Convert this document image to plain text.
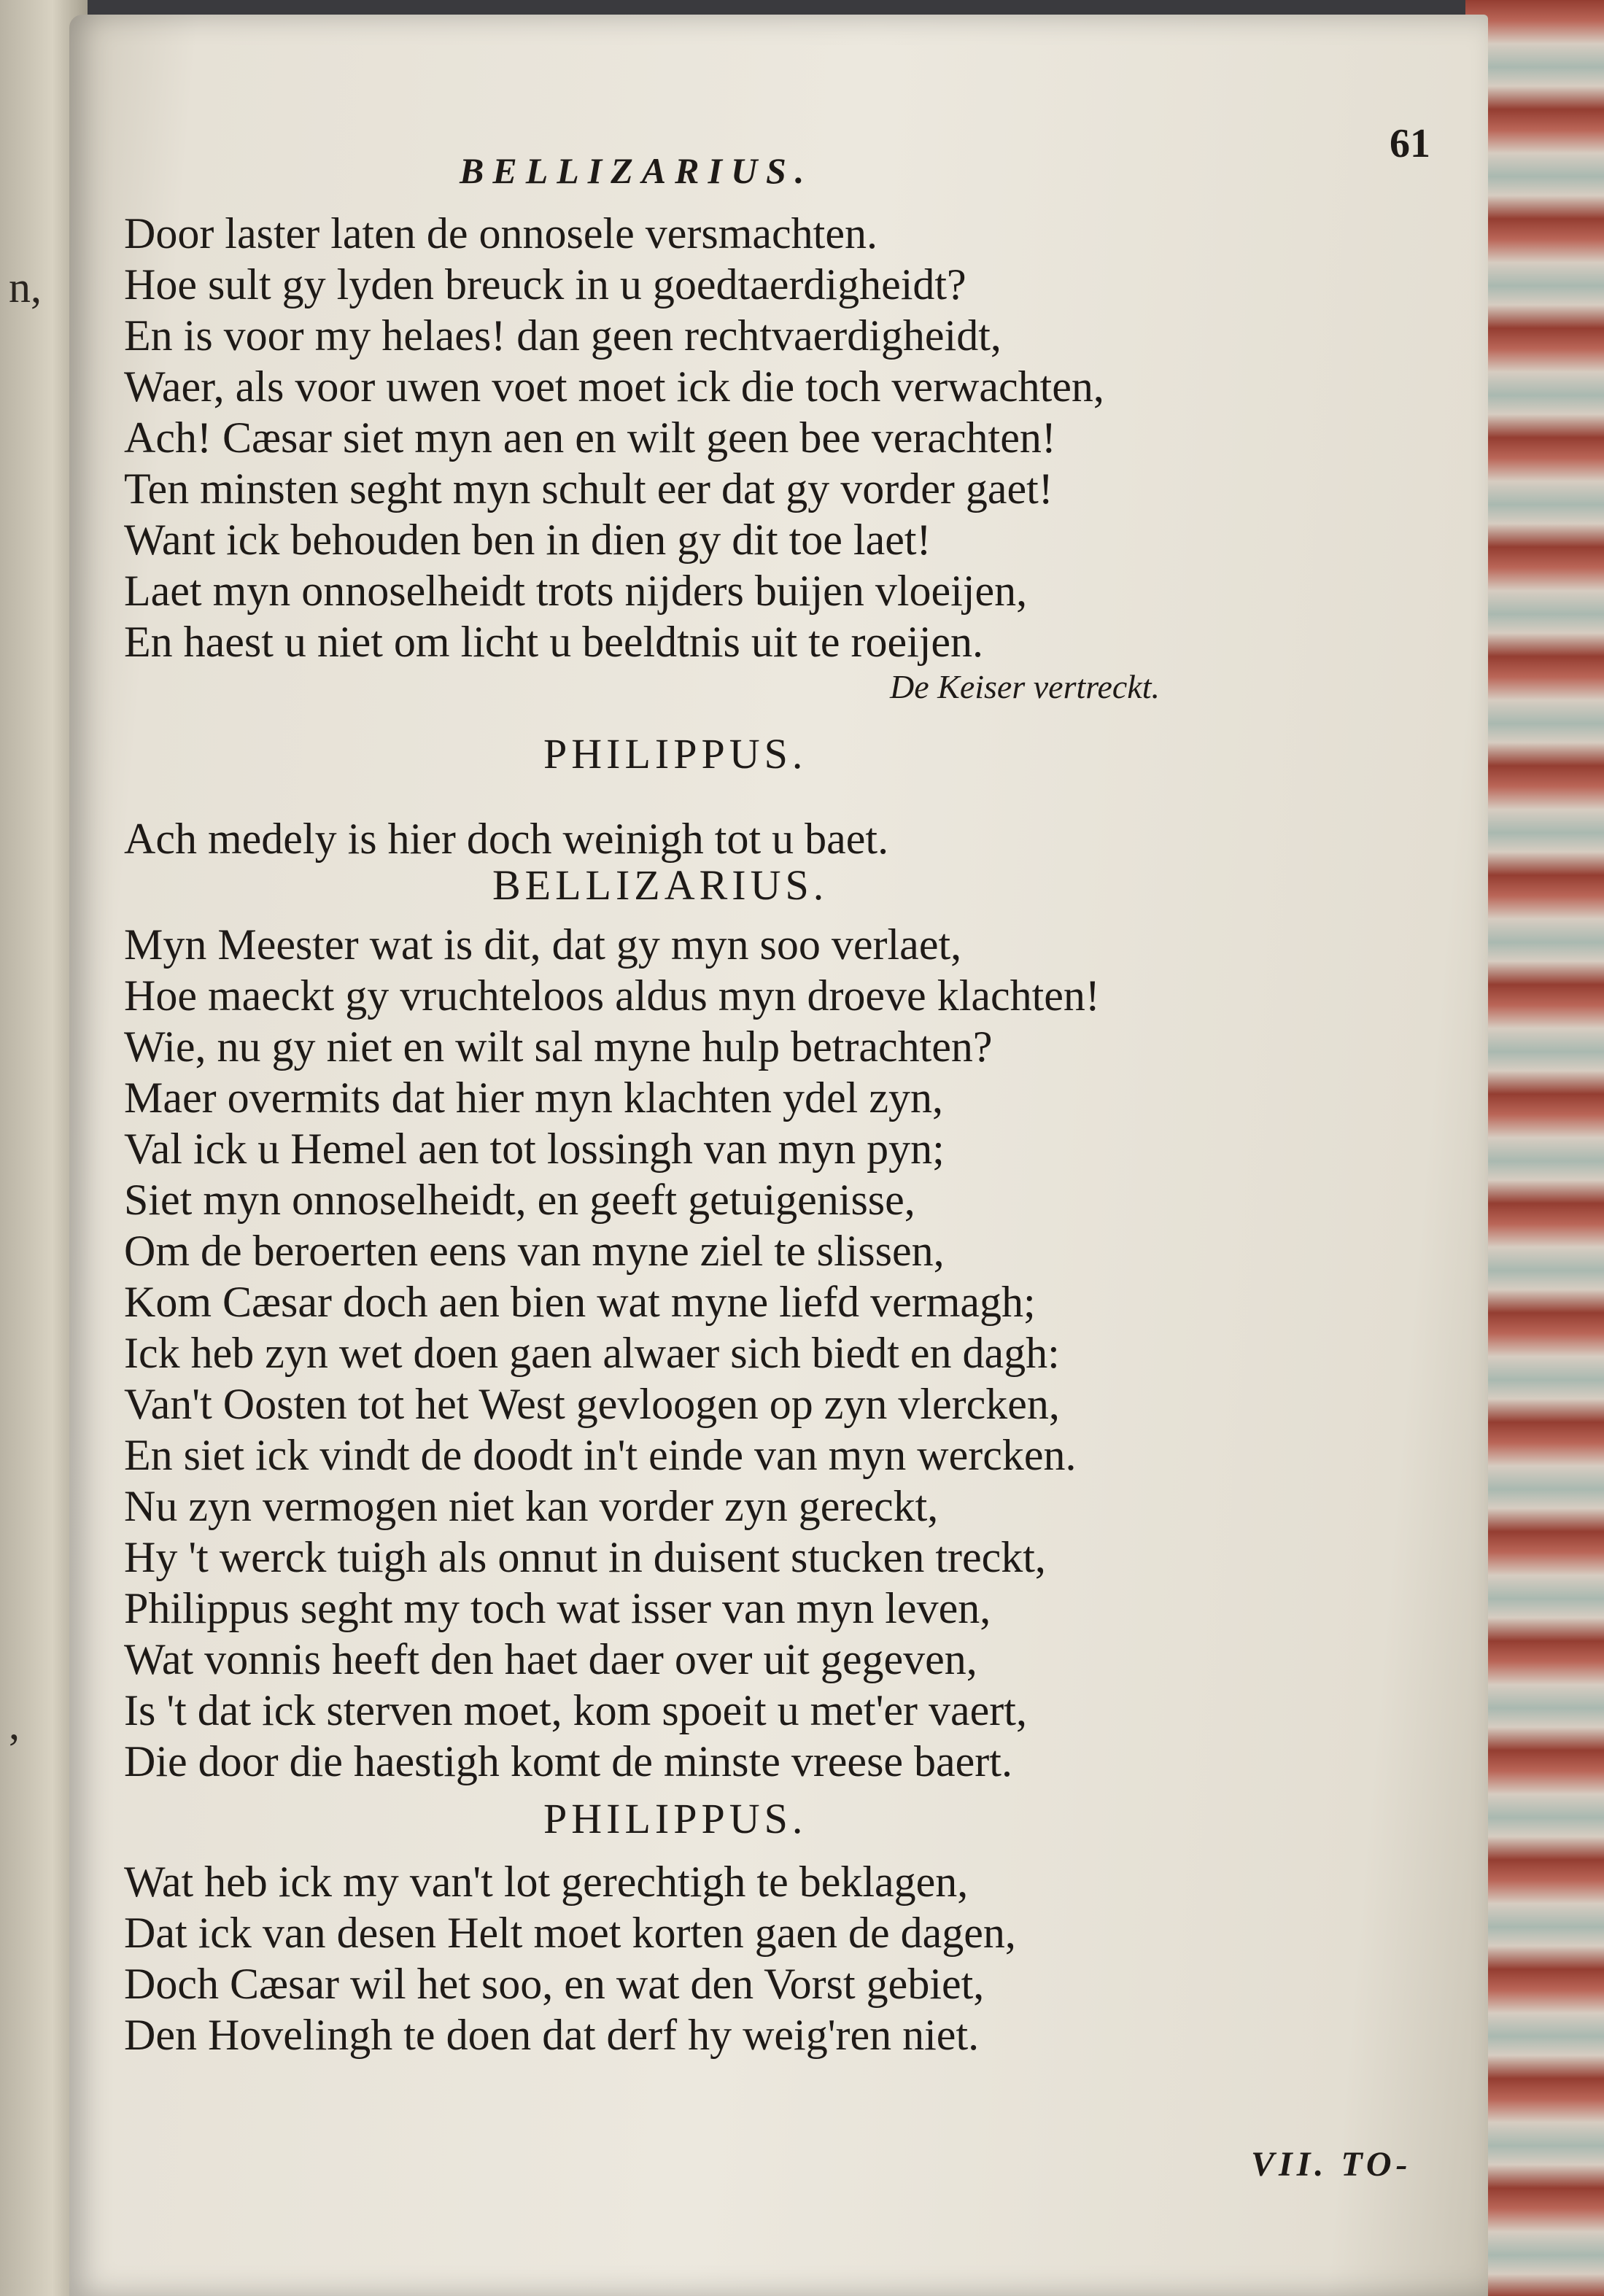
n,
,
BELLIZARIUS.
61
Door laster laten de onnosele versmachten.
Hoe sult gy lyden breuck in u goedtaerdigheidt?
En is voor my helaes! dan geen rechtvaerdigheidt,
Waer, als voor uwen voet moet ick die toch verwachten,
Ach! Cæsar siet myn aen en wilt geen bee verachten!
Ten minsten seght myn schult eer dat gy vorder gaet!
Want ick behouden ben in dien gy dit toe laet!
Laet myn onnoselheidt trots nijders buijen vloeijen,
En haest u niet om licht u beeldtnis uit te roeijen.
De Keiser vertreckt.
PHILIPPUS.
Ach medely is hier doch weinigh tot u baet.
BELLIZARIUS.
Myn Meester wat is dit, dat gy myn soo verlaet,
Hoe maeckt gy vruchteloos aldus myn droeve klachten!
Wie, nu gy niet en wilt sal myne hulp betrachten?
Maer overmits dat hier myn klachten ydel zyn,
Val ick u Hemel aen tot lossingh van myn pyn;
Siet myn onnoselheidt, en geeft getuigenisse,
Om de beroerten eens van myne ziel te slissen,
Kom Cæsar doch aen bien wat myne liefd vermagh;
Ick heb zyn wet doen gaen alwaer sich biedt en dagh:
Van't Oosten tot het West gevloogen op zyn vlercken,
En siet ick vindt de doodt in't einde van myn wercken.
Nu zyn vermogen niet kan vorder zyn gereckt,
Hy 't werck tuigh als onnut in duisent stucken treckt,
Philippus seght my toch wat isser van myn leven,
Wat vonnis heeft den haet daer over uit gegeven,
Is 't dat ick sterven moet, kom spoeit u met'er vaert,
Die door die haestigh komt de minste vreese baert.
PHILIPPUS.
Wat heb ick my van't lot gerechtigh te beklagen,
Dat ick van desen Helt moet korten gaen de dagen,
Doch Cæsar wil het soo, en wat den Vorst gebiet,
Den Hovelingh te doen dat derf hy weig'ren niet.
VII. TO-
